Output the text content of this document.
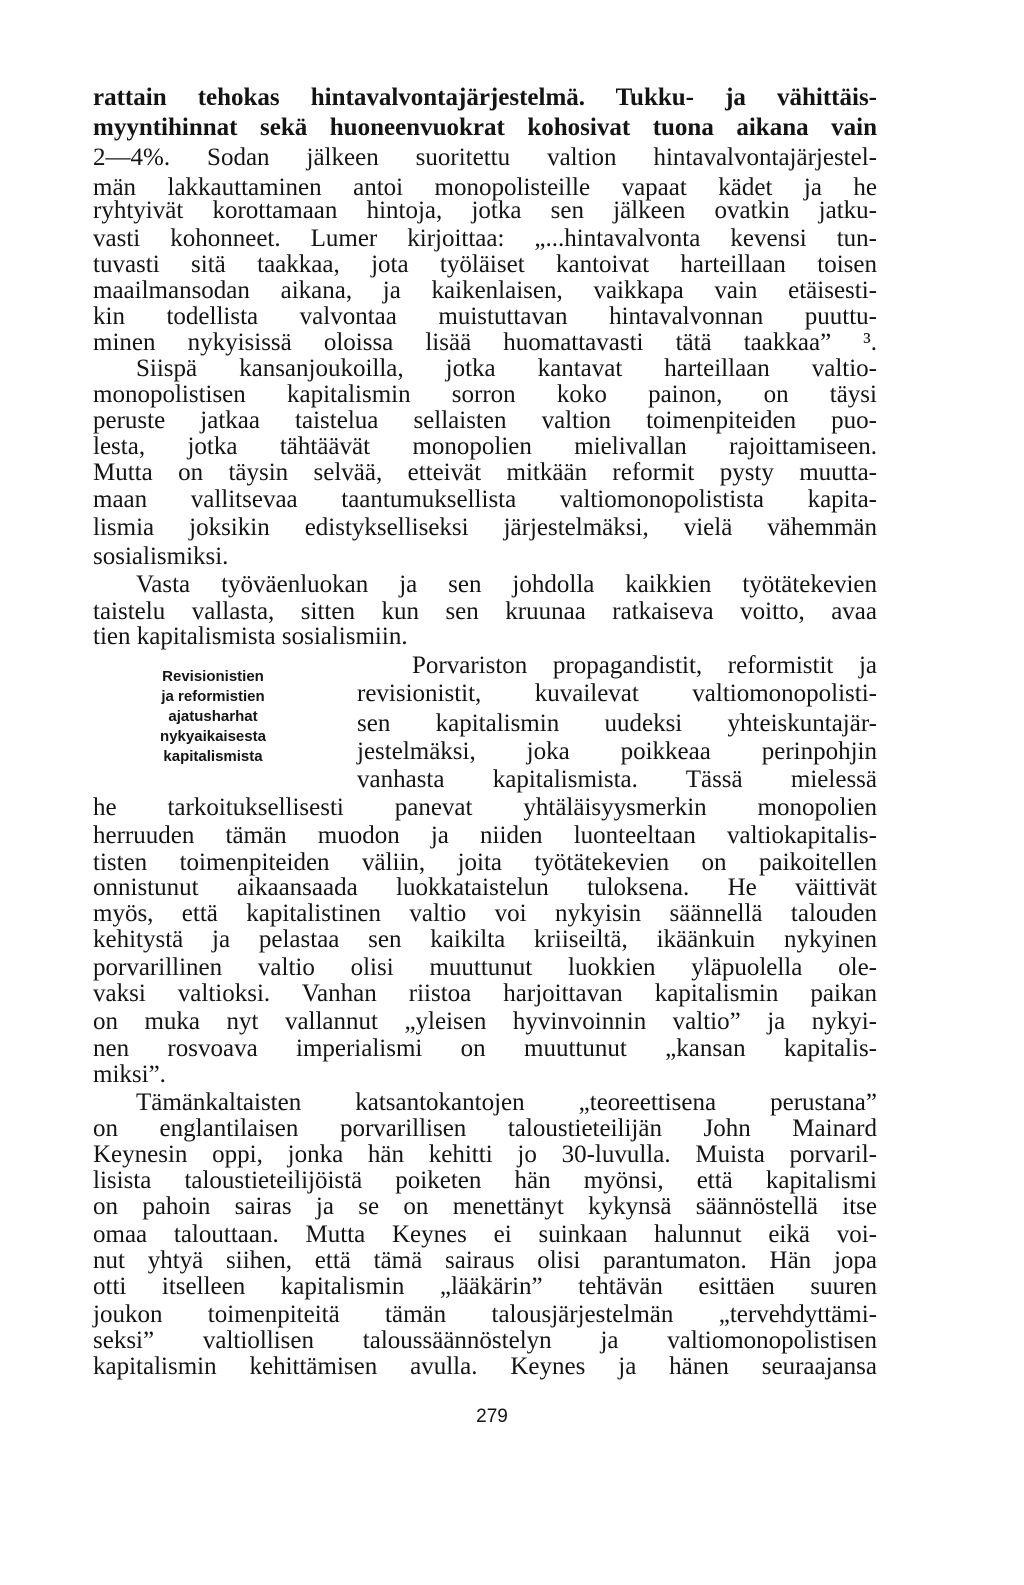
rattain tehokas hintavalvontajärjestelmä. Tukku- ja vähittäis-
myyntihinnat sekä huoneenvuokrat kohosivat tuona aikana vain
2—4%. Sodan jälkeen suoritettu valtion hintavalvontajärjestel-
män lakkauttaminen antoi monopolisteille vapaat kädet ja he
ryhtyivät korottamaan hintoja, jotka sen jälkeen ovatkin jatku-
vasti kohonneet. Lumer kirjoittaa: „...hintavalvonta kevensi tun-
tuvasti sitä taakkaa, jota työläiset kantoivat harteillaan toisen
maailmansodan aikana, ja kaikenlaisen, vaikkapa vain etäisesti-
kin todellista valvontaa muistuttavan hintavalvonnan puuttu-
minen nykyisissä oloissa lisää huomattavasti tätä taakkaa” ³.
Siispä kansanjoukoilla, jotka kantavat harteillaan valtio-
monopolistisen kapitalismin sorron koko painon, on täysi
peruste jatkaa taistelua sellaisten valtion toimenpiteiden puo-
lesta, jotka tähtäävät monopolien mielivallan rajoittamiseen.
Mutta on täysin selvää, etteivät mitkään reformit pysty muutta-
maan vallitsevaa taantumuksellista valtiomonopolistista kapita-
lismia joksikin edistykselliseksi järjestelmäksi, vielä vähemmän
sosialismiksi.
Vasta työväenluokan ja sen johdolla kaikkien työtätekevien
taistelu vallasta, sitten kun sen kruunaa ratkaiseva voitto, avaa
tien kapitalismista sosialismiin.
Revisionistien
ja reformistien
ajatusharhat
nykyaikaisesta
kapitalismista
Porvariston propagandistit, reformistit ja
revisionistit, kuvailevat valtiomonopolisti-
sen kapitalismin uudeksi yhteiskuntajär-
jestelmäksi, joka poikkeaa perinpohjin
vanhasta kapitalismista. Tässä mielessä
he tarkoituksellisesti panevat yhtäläisyysmerkin monopolien
herruuden tämän muodon ja niiden luonteeltaan valtiokapitalis-
tisten toimenpiteiden väliin, joita työtätekevien on paikoitellen
onnistunut aikaansaada luokkataistelun tuloksena. He väittivät
myös, että kapitalistinen valtio voi nykyisin säännellä talouden
kehitystä ja pelastaa sen kaikilta kriiseiltä, ikäänkuin nykyinen
porvarillinen valtio olisi muuttunut luokkien yläpuolella ole-
vaksi valtioksi. Vanhan riistoa harjoittavan kapitalismin paikan
on muka nyt vallannut „yleisen hyvinvoinnin valtio” ja nykyi-
nen rosvoava imperialismi on muuttunut „kansan kapitalis-
miksi”.
Tämänkaltaisten katsantokantojen „teoreettisena perustana”
on englantilaisen porvarillisen taloustieteilijän John Mainard
Keynesin oppi, jonka hän kehitti jo 30-luvulla. Muista porvaril-
lisista taloustieteilijöistä poiketen hän myönsi, että kapitalismi
on pahoin sairas ja se on menettänyt kykynsä säännöstellä itse
omaa talouttaan. Mutta Keynes ei suinkaan halunnut eikä voi-
nut yhtyä siihen, että tämä sairaus olisi parantumaton. Hän jopa
otti itselleen kapitalismin „lääkärin” tehtävän esittäen suuren
joukon toimenpiteitä tämän talousjärjestelmän „tervehdyttämi-
seksi” valtiollisen taloussäännöstelyn ja valtiomonopolistisen
kapitalismin kehittämisen avulla. Keynes ja hänen seuraajansa
279
